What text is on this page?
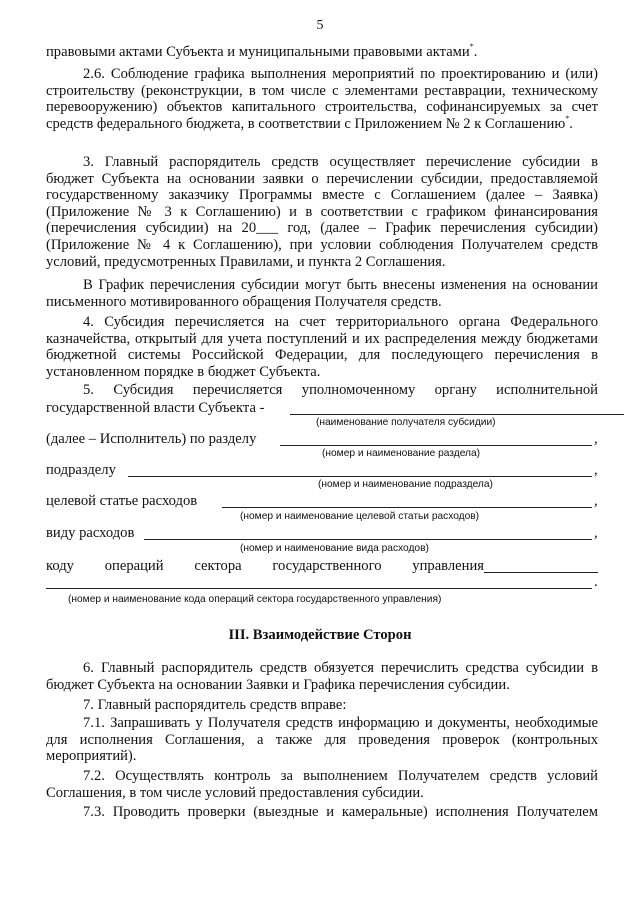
5
правовыми актами Субъекта и муниципальными правовыми актами*.
2.6. Соблюдение графика выполнения мероприятий по проектированию и (или) строительству (реконструкции, в том числе с элементами реставрации, техническому перевооружению) объектов капитального строительства, софинансируемых за счет средств федерального бюджета, в соответствии с Приложением № 2 к Соглашению*.
3. Главный распорядитель средств осуществляет перечисление субсидии в бюджет Субъекта на основании заявки о перечислении субсидии, предоставляемой государственному заказчику Программы вместе с Соглашением (далее – Заявка) (Приложение № 3 к Соглашению) и в соответствии с графиком финансирования (перечисления субсидии) на 20___ год, (далее – График перечисления субсидии) (Приложение № 4 к Соглашению), при условии соблюдения Получателем средств условий, предусмотренных Правилами, и пункта 2 Соглашения.
В График перечисления субсидии могут быть внесены изменения на основании письменного мотивированного обращения Получателя средств.
4. Субсидия перечисляется на счет территориального органа Федерального казначейства, открытый для учета поступлений и их распределения между бюджетами бюджетной системы Российской Федерации, для последующего перечисления в установленном порядке в бюджет Субъекта.
5. Субсидия перечисляется уполномоченному органу исполнительной
государственной власти Субъекта -
(наименование получателя субсидии)
(далее – Исполнитель) по разделу	,
(номер и наименование раздела)
подразделу	,
(номер и наименование подраздела)
целевой статье расходов	,
(номер и наименование целевой статьи расходов)
виду расходов	,
(номер и наименование вида расходов)
коду операций сектора государственного управления
.
(номер и наименование кода операций сектора государственного управления)
III. Взаимодействие Сторон
6. Главный распорядитель средств обязуется перечислить средства субсидии в бюджет Субъекта на основании Заявки и Графика перечисления субсидии.
7. Главный распорядитель средств вправе:
7.1. Запрашивать у Получателя средств информацию и документы, необходимые для исполнения Соглашения, а также для проведения проверок (контрольных мероприятий).
7.2. Осуществлять контроль за выполнением Получателем средств условий Соглашения, в том числе условий предоставления субсидии.
7.3. Проводить проверки (выездные и камеральные) исполнения Получателем
